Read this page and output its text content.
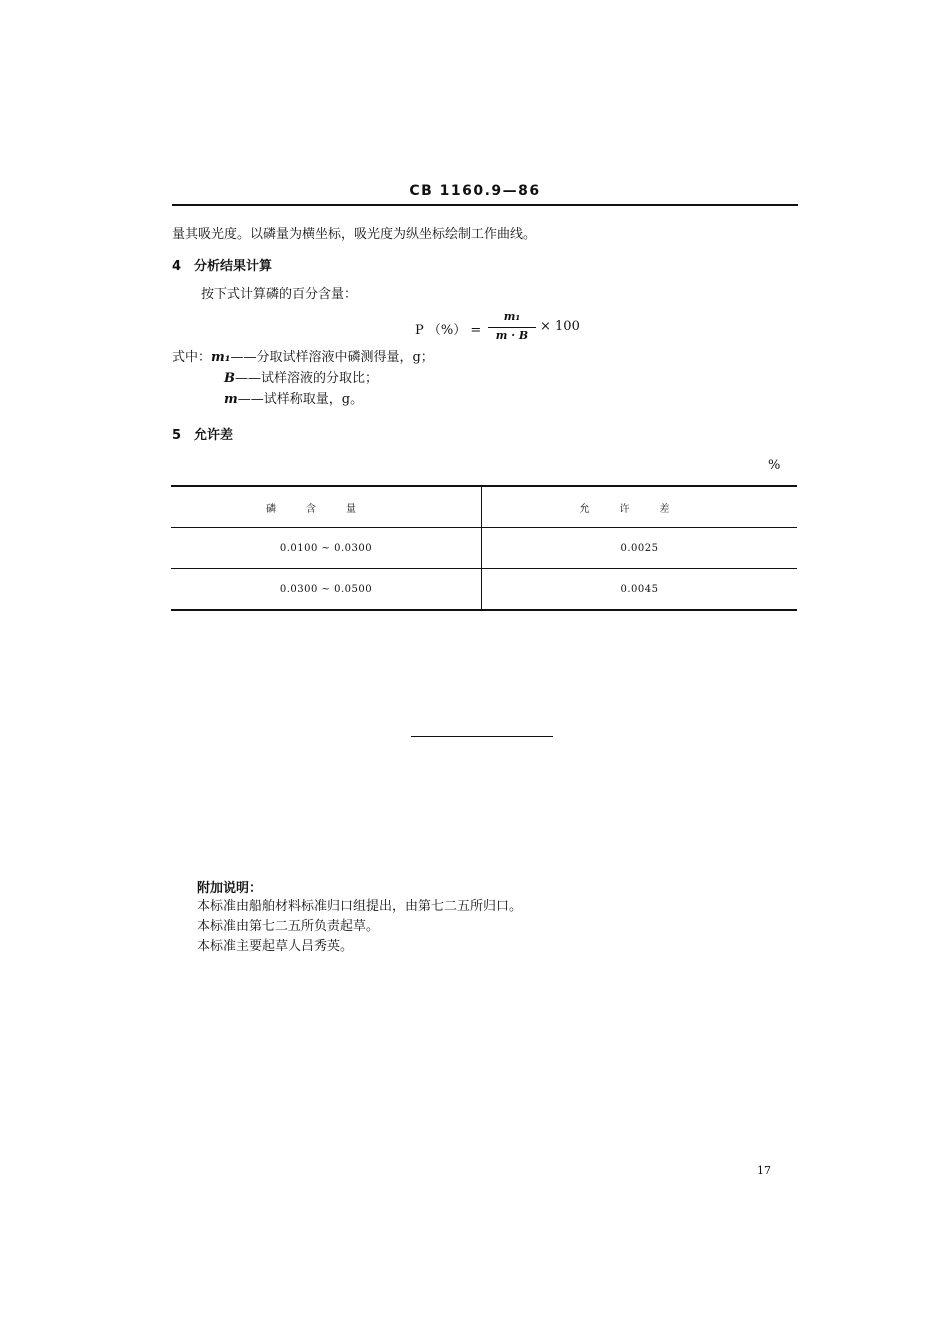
CB 1160.9—86
量其吸光度。以磷量为横坐标，吸光度为纵坐标绘制工作曲线。
4 分析结果计算
按下式计算磷的百分含量：
P （%） =
m₁
m · B
× 100
式中：m₁——分取试样溶液中磷测得量，g；
B——试样溶液的分取比；
m——试样称取量，g。
5 允许差
%
磷含量	允许差
0.0100 ~ 0.0300	0.0025
0.0300 ~ 0.0500	0.0045
附加说明：
本标准由船舶材料标准归口组提出，由第七二五所归口。
本标准由第七二五所负责起草。
本标准主要起草人吕秀英。
17
